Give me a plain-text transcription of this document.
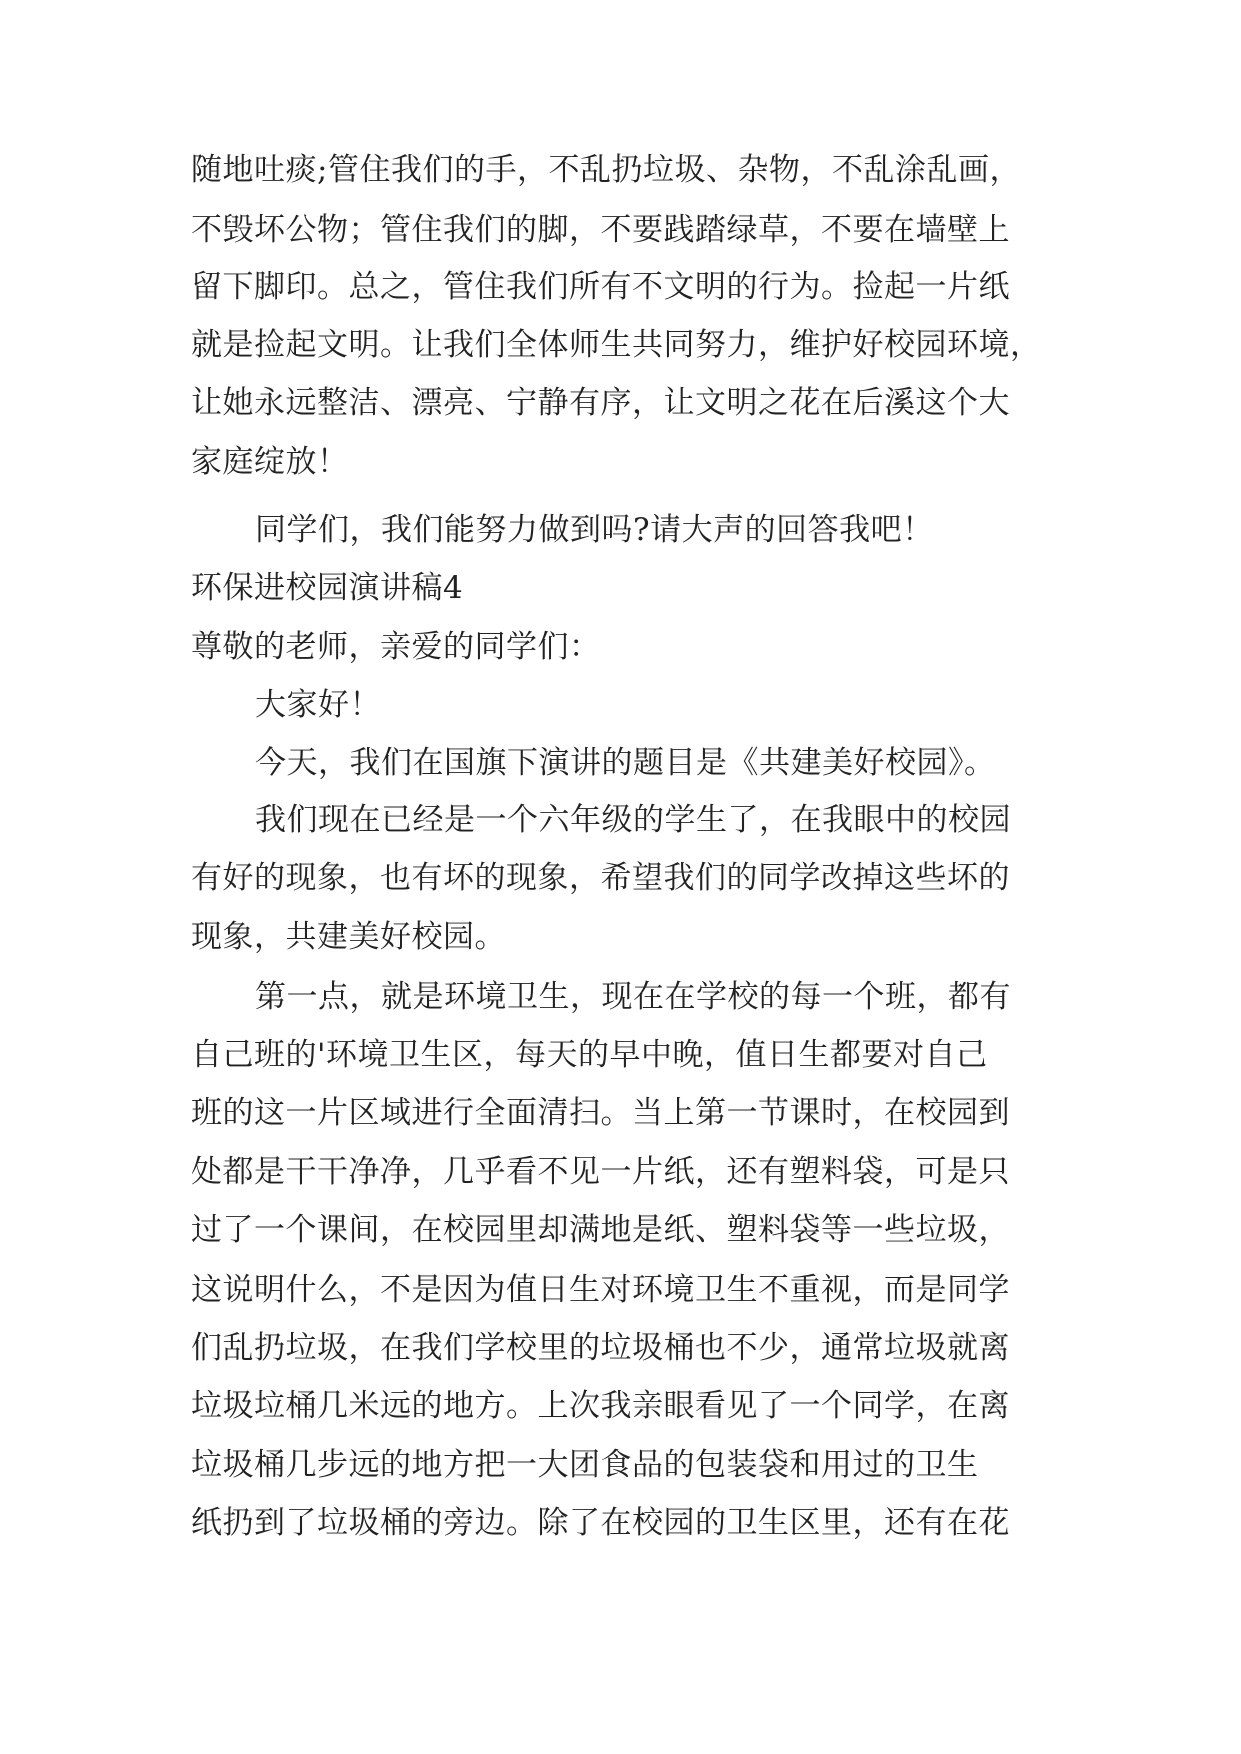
随地吐痰;管住我们的手，不乱扔垃圾、杂物，不乱涂乱画，
不毁坏公物；管住我们的脚，不要践踏绿草，不要在墙壁上
留下脚印。总之，管住我们所有不文明的行为。捡起一片纸
就是捡起文明。让我们全体师生共同努力，维护好校园环境，
让她永远整洁、漂亮、宁静有序，让文明之花在后溪这个大
家庭绽放！
同学们，我们能努力做到吗?请大声的回答我吧！
环保进校园演讲稿4
尊敬的老师，亲爱的同学们：
大家好！
今天，我们在国旗下演讲的题目是《共建美好校园》。
我们现在已经是一个六年级的学生了，在我眼中的校园
有好的现象，也有坏的现象，希望我们的同学改掉这些坏的
现象，共建美好校园。
第一点，就是环境卫生，现在在学校的每一个班，都有
自己班的'环境卫生区，每天的早中晚，值日生都要对自己
班的这一片区域进行全面清扫。当上第一节课时，在校园到
处都是干干净净，几乎看不见一片纸，还有塑料袋，可是只
过了一个课间，在校园里却满地是纸、塑料袋等一些垃圾，
这说明什么，不是因为值日生对环境卫生不重视，而是同学
们乱扔垃圾，在我们学校里的垃圾桶也不少，通常垃圾就离
垃圾垃桶几米远的地方。上次我亲眼看见了一个同学，在离
垃圾桶几步远的地方把一大团食品的包装袋和用过的卫生
纸扔到了垃圾桶的旁边。除了在校园的卫生区里，还有在花
